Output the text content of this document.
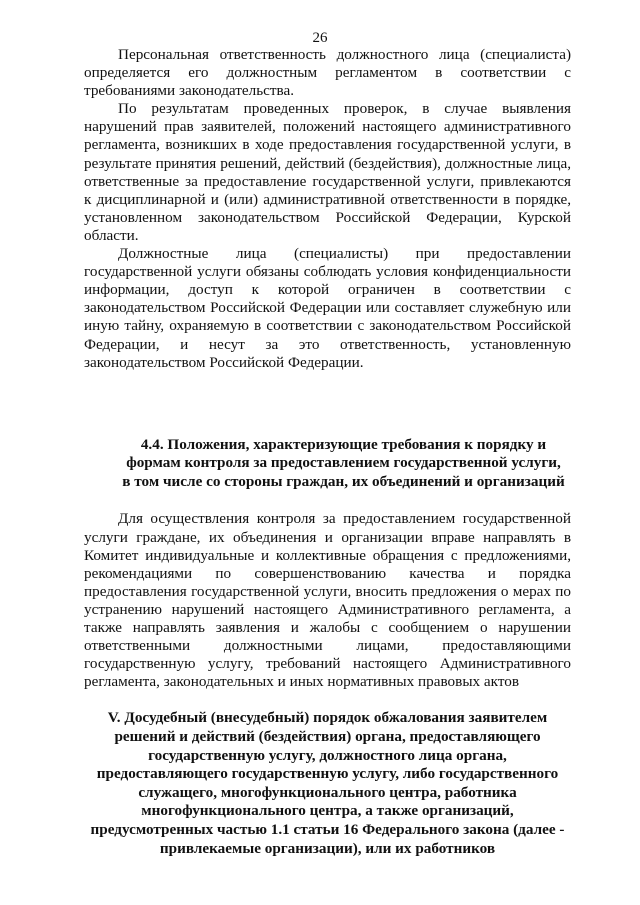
26

Персональная ответственность должностного лица (специалиста) определяется его должностным регламентом в соответствии с требованиями законодательства.

По результатам проведенных проверок, в случае выявления нарушений прав заявителей, положений настоящего административного регламента, возникших в ходе предоставления государственной услуги, в результате принятия решений, действий (бездействия), должностные лица, ответственные за предоставление государственной услуги, привлекаются к дисциплинарной и (или) административной ответственности в порядке, установленном законодательством Российской Федерации, Курской области.

Должностные лица (специалисты) при предоставлении государственной услуги обязаны соблюдать условия конфиденциальности информации, доступ к которой ограничен в соответствии с законодательством Российской Федерации или составляет служебную или иную тайну, охраняемую в соответствии с законодательством Российской Федерации, и несут за это ответственность, установленную законодательством Российской Федерации.

4.4. Положения, характеризующие требования к порядку и формам контроля за предоставлением государственной услуги, в том числе со стороны граждан, их объединений и организаций

Для осуществления контроля за предоставлением государственной услуги граждане, их объединения и организации вправе направлять в Комитет индивидуальные и коллективные обращения с предложениями, рекомендациями по совершенствованию качества и порядка предоставления государственной услуги, вносить предложения о мерах по устранению нарушений настоящего Административного регламента, а также направлять заявления и жалобы с сообщением о нарушении ответственными должностными лицами, предоставляющими государственную услугу, требований настоящего Административного регламента, законодательных и иных нормативных правовых актов

V. Досудебный (внесудебный) порядок обжалования заявителем решений и действий (бездействия) органа, предоставляющего государственную услугу, должностного лица органа, предоставляющего государственную услугу, либо государственного служащего, многофункционального центра, работника многофункционального центра, а также организаций, предусмотренных частью 1.1 статьи 16 Федерального закона (далее - привлекаемые организации), или их работников
